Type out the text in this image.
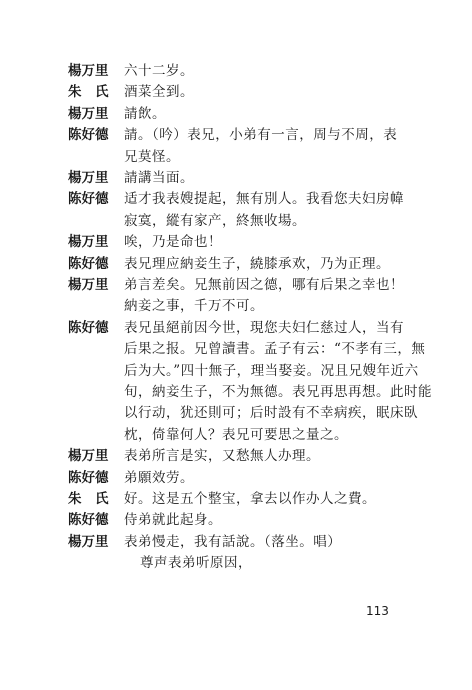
楊万里	六十二岁。
朱　氏	酒菜全到。
楊万里	請飲。
陈好德	請。（吟）表兄，小弟有一言，周与不周，表
兄莫怪。
楊万里	請講当面。
陈好德	适才我表嫂提起，無有別人。我看您夫妇房幃
寂寞，縱有家产，終無收場。
楊万里	唉，乃是命也！
陈好德	表兄理应納妾生子，繞膝承欢，乃为正理。
楊万里	弟言差矣。兄無前因之德，哪有后果之幸也！
納妾之事，千万不可。
陈好德	表兄虽絕前因今世，現您夫妇仁慈过人，当有
后果之报。兄曾讀書。孟子有云：“不孝有三，無
后为大。”四十無子，理当娶妾。况且兄嫂年近六
旬，納妾生子，不为無德。表兄再思再想。此时能
以行动，犹还則可；后时設有不幸病疾，眠床臥
枕，倚靠何人？表兄可要思之量之。
楊万里	表弟所言是实，又愁無人办理。
陈好德	弟願效劳。
朱　氏	好。这是五个整宝，拿去以作办人之費。
陈好德	侍弟就此起身。
楊万里	表弟慢走，我有話說。（落坐。唱）
尊声表弟听原因，
113
